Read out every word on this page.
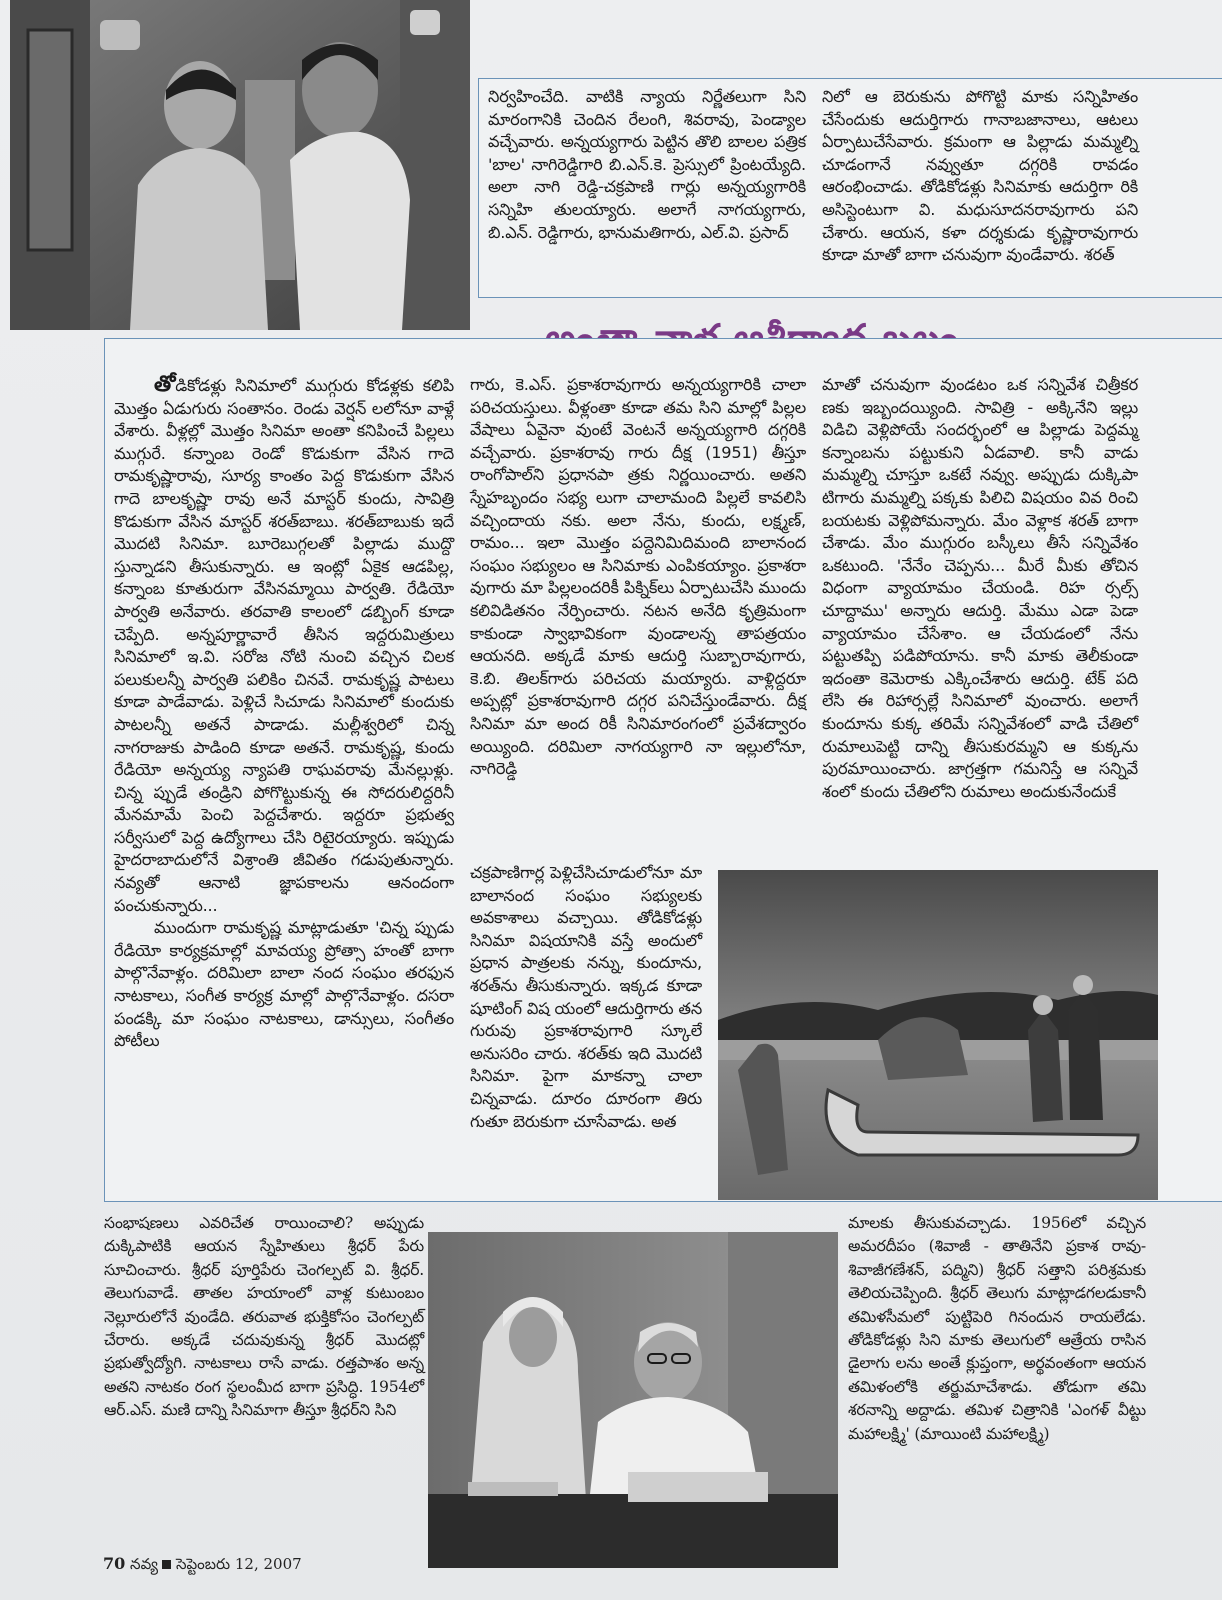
నిర్వహించేది. వాటికి న్యాయ నిర్ణేతలుగా సిని మారంగానికి చెందిన రేలంగి, శివరావు, పెండ్యాల వచ్చేవారు. అన్నయ్యగారు పెట్టిన తొలి బాలల పత్రిక 'బాల' నాగిరెడ్డిగారి బి.ఎన్.కె. ప్రెస్సులో ప్రింటయ్యేది. అలా నాగి రెడ్డి-చక్రపాణి గార్లు అన్నయ్యగారికి సన్నిహి తులయ్యారు. అలాగే నాగయ్యగారు, బి.ఎన్. రెడ్డిగారు, భానుమతిగారు, ఎల్.వి. ప్రసాద్

నిలో ఆ బెరుకును పోగొట్టి మాకు సన్నిహితం చేసేందుకు ఆదుర్తిగారు గానాబజానాలు, ఆటలు ఏర్పాటుచేసేవారు. క్రమంగా ఆ పిల్లాడు మమ్మల్ని చూడంగానే నవ్వుతూ దగ్గరికి రావడం ఆరంభించాడు. తోడికోడళ్లు సినిమాకు ఆదుర్తిగా రికి అసిస్టెంటుగా వి. మధుసూదనరావుగారు పని చేశారు. ఆయన, కళా దర్శకుడు కృష్ణారావుగారు కూడా మాతో బాగా చనువుగా వుండేవారు. శరత్

తోడికోడళ్లు సినిమాలో ముగ్గురు కోడళ్లకు కలిపి మొత్తం ఏడుగురు సంతానం. రెండు వెర్షన్ లలోనూ వాళ్లే వేశారు. వీళ్లల్లో మొత్తం సినిమా అంతా కనిపించే పిల్లలు ముగ్గురే. కన్నాంబ రెండో కొడుకుగా వేసిన గాదె రామకృష్ణారావు, సూర్య కాంతం పెద్ద కొడుకుగా వేసిన గాదె బాలకృష్ణా రావు అనే మాస్టర్ కుందు, సావిత్రి కొడుకుగా వేసిన మాస్టర్ శరత్‌బాబు. శరత్‌బాబుకు ఇదే మొదటి సినిమా. బూరెబుగ్గలతో పిల్లాడు ముద్దొ స్తున్నాడని తీసుకున్నారు. ఆ ఇంట్లో ఏకైక ఆడపిల్ల, కన్నాంబ కూతురుగా వేసినమ్మాయి పార్వతి. రేడియో పార్వతి అనేవారు. తరవాతి కాలంలో డబ్బింగ్ కూడా చెప్పేది. అన్నపూర్ణావారే తీసిన ఇద్దరుమిత్రులు సినిమాలో ఇ.వి. సరోజ నోటి నుంచి వచ్చిన చిలక పలుకులన్నీ పార్వతి పలికిం చినవే. రామకృష్ణ పాటలు కూడా పాడేవాడు. పెళ్లిచే సిచూడు సినిమాలో కుందుకు పాటలన్నీ అతనే పాడాడు. మల్లీశ్వరిలో చిన్న నాగరాజుకు పాడింది కూడా అతనే. రామకృష్ణ, కుందు రేడియో అన్నయ్య న్యాపతి రాఘవరావు మేనల్లుళ్లు. చిన్న ప్పుడే తండ్రిని పోగొట్టుకున్న ఈ సోదరులిద్దరినీ మేనమామే పెంచి పెద్దచేశారు. ఇద్దరూ ప్రభుత్వ సర్వీసులో పెద్ద ఉద్యోగాలు చేసి రిటైరయ్యారు. ఇప్పుడు హైదరాబాదులోనే విశ్రాంతి జీవితం గడుపుతున్నారు. నవ్యతో ఆనాటి జ్ఞాపకాలను ఆనందంగా పంచుకున్నారు...

ముందుగా రామకృష్ణ మాట్లాడుతూ 'చిన్న ప్పుడు రేడియో కార్యక్రమాల్లో మావయ్య ప్రోత్సా హంతో బాగా పాల్గొనేవాళ్లం. దరిమిలా బాలా నంద సంఘం తరఫున నాటకాలు, సంగీత కార్యక్ర మాల్లో పాల్గొనేవాళ్లం. దసరా పండక్కి మా సంఘం నాటకాలు, డాన్సులు, సంగీతం పోటీలు

గారు, కె.ఎస్. ప్రకాశరావుగారు అన్నయ్యగారికి చాలా పరిచయస్తులు. వీళ్లంతా కూడా తమ సిని మాల్లో పిల్లల వేషాలు ఏవైనా వుంటే వెంటనే అన్నయ్యగారి దగ్గరికి వచ్చేవారు. ప్రకాశరావు గారు దీక్ష (1951) తీస్తూ రాంగోపాల్‌ని ప్రధానపా త్రకు నిర్ణయించారు. అతని స్నేహబృందం సభ్య లుగా చాలామంది పిల్లలే కావలిసి వచ్చిందాయ నకు. అలా నేను, కుందు, లక్ష్మణ్, రామం... ఇలా మొత్తం పద్దెనిమిదిమంది బాలానంద సంఘం సభ్యులం ఆ సినిమాకు ఎంపికయ్యాం. ప్రకాశరా వుగారు మా పిల్లలందరికీ పిక్నిక్‌లు ఏర్పాటుచేసి ముందు కలివిడితనం నేర్పించారు. నటన అనేది కృత్రిమంగా కాకుండా స్వాభావికంగా వుండాలన్న తాపత్రయం ఆయనది. అక్కడే మాకు ఆదుర్తి సుబ్బారావుగారు, కె.బి. తిలక్‌గారు పరిచయ మయ్యారు. వాళ్లిద్దరూ అప్పట్లో ప్రకాశరావుగారి దగ్గర పనిచేస్తుండేవారు. దీక్ష సినిమా మా అంద రికీ సినిమారంగంలో ప్రవేశద్వారం అయ్యింది. దరిమిలా నాగయ్యగారి నా ఇల్లులోనూ, నాగిరెడ్డి

చక్రపాణిగార్ల పెళ్లిచేసిచూడులోనూ మా బాలానంద సంఘం సభ్యులకు అవకాశాలు వచ్చాయి. తోడికోడళ్లు సినిమా విషయానికి వస్తే అందులో ప్రధాన పాత్రలకు నన్ను, కుందూను, శరత్‌ను తీసుకున్నారు. ఇక్కడ కూడా షూటింగ్ విష యంలో ఆదుర్తిగారు తన గురువు ప్రకాశరావుగారి స్కూలే అనుసరిం చారు. శరత్‌కు ఇది మొదటి సినిమా. పైగా మాకన్నా చాలా చిన్నవాడు. దూరం దూరంగా తిరు గుతూ బెరుకుగా చూసేవాడు. అత

మాతో చనువుగా వుండటం ఒక సన్నివేశ చిత్రీకర ణకు ఇబ్బందయ్యింది. సావిత్రి - అక్కినేని ఇల్లు విడిచి వెళ్లిపోయే సందర్భంలో ఆ పిల్లాడు పెద్దమ్మ కన్నాంబను పట్టుకుని ఏడవాలి. కానీ వాడు మమ్మల్ని చూస్తూ ఒకటే నవ్వు. అప్పుడు దుక్కిపా టిగారు మమ్మల్ని పక్కకు పిలిచి విషయం వివ రించి బయటకు వెళ్లిపోమన్నారు. మేం వెళ్లాక శరత్ బాగా చేశాడు. మేం ముగ్గురం బస్కీలు తీసే సన్నివేశం ఒకటుంది. 'నేనేం చెప్పను... మీరే మీకు తోచిన విధంగా వ్యాయామం చేయండి. రిహ ర్సల్స్ చూద్దాము' అన్నారు ఆదుర్తి. మేము ఎడా పెడా వ్యాయామం చేసేశాం. ఆ చేయడంలో నేను పట్టుతప్పి పడిపోయాను. కానీ మాకు తెలీకుండా ఇదంతా కెమెరాకు ఎక్కించేశారు ఆదుర్తి. టేక్ పది లేసి ఈ రిహార్సల్లే సినిమాలో వుంచారు. అలాగే కుందూను కుక్క తరిమే సన్నివేశంలో వాడి చేతిలో రుమాలుపెట్టి దాన్ని తీసుకురమ్మని ఆ కుక్కను పురమాయించారు. జాగ్రత్తగా గమనిస్తే ఆ సన్నివే శంలో కుందు చేతిలోని రుమాలు అందుకునేందుకే

సంభాషణలు ఎవరిచేత రాయించాలి? అప్పుడు దుక్కిపాటికి ఆయన స్నేహితులు శ్రీధర్ పేరు సూచించారు. శ్రీధర్ పూర్తిపేరు చెంగల్పట్ వి. శ్రీధర్. తెలుగువాడే. తాతల హయాంలో వాళ్ల కుటుంబం నెల్లూరులోనే వుండేది. తరువాత భుక్తికోసం చెంగల్పట్ చేరారు. అక్కడే చదువుకున్న శ్రీధర్ మొదట్లో ప్రభుత్వోద్యోగి. నాటకాలు రాసే వాడు. రత్తపాశం అన్న అతని నాటకం రంగ స్థలంమీద బాగా ప్రసిద్ధి. 1954లో ఆర్.ఎస్. మణి దాన్ని సినిమాగా తీస్తూ శ్రీధర్‌ని సిని

మాలకు తీసుకువచ్చాడు. 1956లో వచ్చిన అమరదీపం (శివాజీ - తాతినేని ప్రకాశ రావు- శివాజీగణేశన్, పద్మిని) శ్రీధర్ సత్తాని పరిశ్రమకు తెలియచెప్పింది. శ్రీధర్ తెలుగు మాట్లాడగలడుకానీ తమిళసీమలో పుట్టిపెరి గినందున రాయలేడు. తోడికోడళ్లు సిని మాకు తెలుగులో ఆత్రేయ రాసిన డైలాగు లను అంతే క్లుప్తంగా, అర్థవంతంగా ఆయన తమిళంలోకి తర్జుమాచేశాడు. తోడుగా తమి శరనాన్ని అద్దాడు. తమిళ చిత్రానికి 'ఎంగళ్ వీట్టు మహాలక్ష్మి' (మాయింటి మహాలక్ష్మి)

70 నవ్య సెప్టెంబరు 12, 2007
